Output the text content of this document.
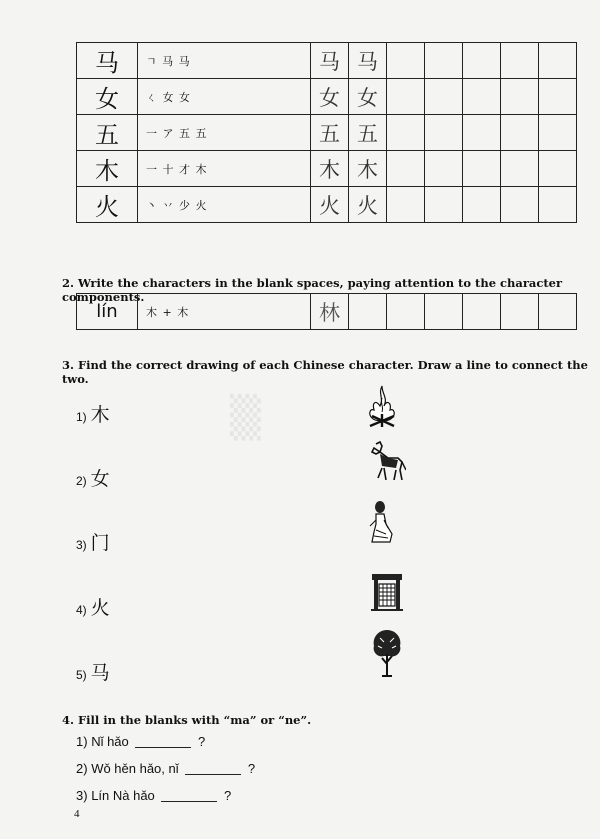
▒
马	ㄱ 马 马	马	马					
女	ㄑ 女 女	女	女					
五	一 ア 五 五	五	五					
木	一 十 才 木	木	木					
火	丶 丷 少 火	火	火					
2. Write the characters in the blank spaces, paying attention to the character components.
lín	木 + 木	林						
3. Find the correct drawing of each Chinese character. Draw a line to connect the two.
1) 木
2) 女
3) 门
4) 火
5) 马
4. Fill in the blanks with “ma” or “ne”.
1) Nǐ hǎo	?
2) Wǒ hěn hǎo, nǐ	?
3) Lín Nà hǎo	?
4
